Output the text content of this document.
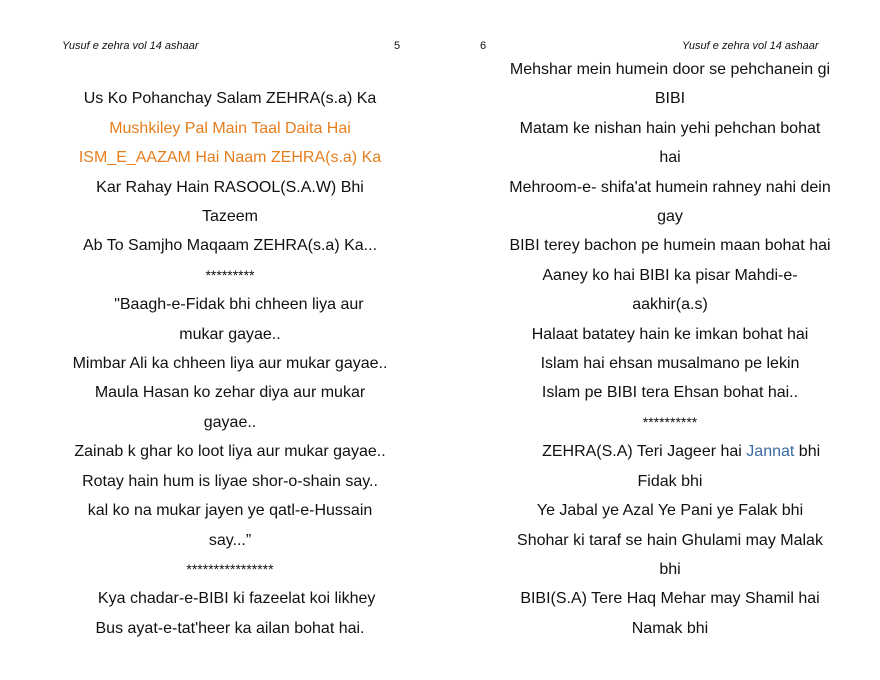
Yusuf e zehra vol 14 ashaar	5

Us Ko Pohanchay Salam ZEHRA(s.a) Ka
Mushkiley Pal Main Taal Daita Hai
ISM_E_AAZAM Hai Naam ZEHRA(s.a) Ka
Kar Rahay Hain RASOOL(S.A.W) Bhi
Tazeem
Ab To Samjho Maqaam ZEHRA(s.a) Ka...
*********
"Baagh-e-Fidak bhi chheen liya aur
mukar gayae..
Mimbar Ali ka chheen liya aur mukar gayae..
Maula Hasan ko zehar diya aur mukar
gayae..
Zainab k ghar ko loot liya aur mukar gayae..
Rotay hain hum is liyae shor-o-shain say..
kal ko na mukar jayen ye qatl-e-Hussain
say...”
****************
Kya chadar-e-BIBI ki fazeelat koi likhey
Bus ayat-e-tat'heer ka ailan bohat hai.
6	Yusuf e zehra vol 14 ashaar
Mehshar mein humein door se pehchanein gi
BIBI
Matam ke nishan hain yehi pehchan bohat
hai
Mehroom-e- shifa'at humein rahney nahi dein
gay
BIBI terey bachon pe humein maan bohat hai
Aaney ko hai BIBI ka pisar Mahdi-e-
aakhir(a.s)
Halaat batatey hain ke imkan bohat hai
Islam hai ehsan musalmano pe lekin
Islam pe BIBI tera Ehsan bohat hai..
**********
ZEHRA(S.A) Teri Jageer hai Jannat bhi
Fidak bhi
Ye Jabal ye Azal Ye Pani ye Falak bhi
Shohar ki taraf se hain Ghulami may Malak
bhi
BIBI(S.A) Tere Haq Mehar may Shamil hai
Namak bhi
